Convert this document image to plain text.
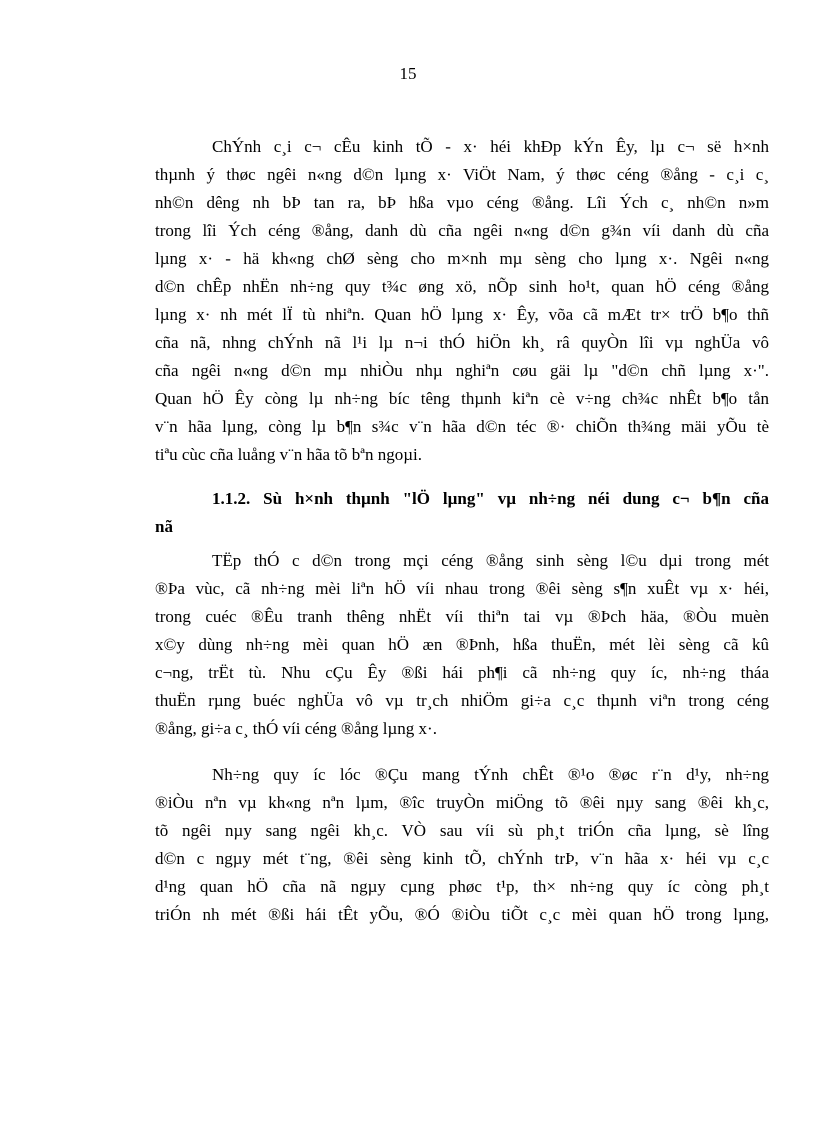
15
ChÝnh c¸i c¬ cÊu kinh tÕ - x· héi khÐp kÝn Êy, lµ c¬ së h×nh
thµnh ý thøc ngêi n«ng d©n lµng x· ViÖt Nam, ý thøc céng ®ång - c¸i c¸
nh©n dêng nh bÞ tan ra, bÞ hßa vµo céng ®ång. Lîi Ých c¸ nh©n n»m
trong lîi Ých céng ®ång, danh dù cña ngêi n«ng d©n g¾n víi danh dù cña
lµng x· - hä kh«ng chØ sèng cho m×nh mµ sèng cho lµng x·. Ngêi n«ng
d©n chÊp nhËn nh÷ng quy t¾c øng xö, nÕp sinh ho¹t, quan hÖ céng ®ång
lµng x· nh mét lÏ tù nhiªn. Quan hÖ lµng x· Êy, võa cã mÆt tr× trÖ b¶o thñ
cña nã, nhng chÝnh nã l¹i lµ n¬i thÓ hiÖn kh¸ râ quyÒn lîi vµ nghÜa vô
cña ngêi n«ng d©n mµ nhiÒu nhµ nghiªn cøu gäi lµ "d©n chñ lµng x·".
Quan hÖ Êy còng lµ nh÷ng bíc têng thµnh kiªn cè v÷ng ch¾c nhÊt b¶o tån
v¨n hãa lµng, còng lµ b¶n s¾c v¨n hãa d©n téc ®· chiÕn th¾ng mäi yÕu tè
tiªu cùc cña luång v¨n hãa tõ bªn ngoµi.
1.1.2. Sù h×nh thµnh "lÖ lµng" vµ nh÷ng néi dung c¬ b¶n cña
nã
TËp thÓ c d©n trong mçi céng ®ång sinh sèng l©u dµi trong mét
®Þa vùc, cã nh÷ng mèi liªn hÖ víi nhau trong ®êi sèng s¶n xuÊt vµ x· héi,
trong cuéc ®Êu tranh thêng nhËt víi thiªn tai vµ ®Þch häa, ®Òu muèn
x©y dùng nh÷ng mèi quan hÖ æn ®Þnh, hßa thuËn, mét lèi sèng cã kû
c¬ng, trËt tù. Nhu cÇu Êy ®ßi hái ph¶i cã nh÷ng quy íc, nh÷ng tháa
thuËn rµng buéc nghÜa vô vµ tr¸ch nhiÖm gi÷a c¸c thµnh viªn trong céng
®ång, gi÷a c¸ thÓ víi céng ®ång lµng x·.
Nh÷ng quy íc lóc ®Çu mang tÝnh chÊt ®¹o ®øc r¨n d¹y, nh÷ng
®iÒu nªn vµ kh«ng nªn lµm, ®îc truyÒn miÖng tõ ®êi nµy sang ®êi kh¸c,
tõ ngêi nµy sang ngêi kh¸c. VÒ sau víi sù ph¸t triÓn cña lµng, sè lîng
d©n c ngµy mét t¨ng, ®êi sèng kinh tÕ, chÝnh trÞ, v¨n hãa x· héi vµ c¸c
d¹ng quan hÖ cña nã ngµy cµng phøc t¹p, th× nh÷ng quy íc còng ph¸t
triÓn nh mét ®ßi hái tÊt yÕu, ®Ó ®iÒu tiÕt c¸c mèi quan hÖ trong lµng,
